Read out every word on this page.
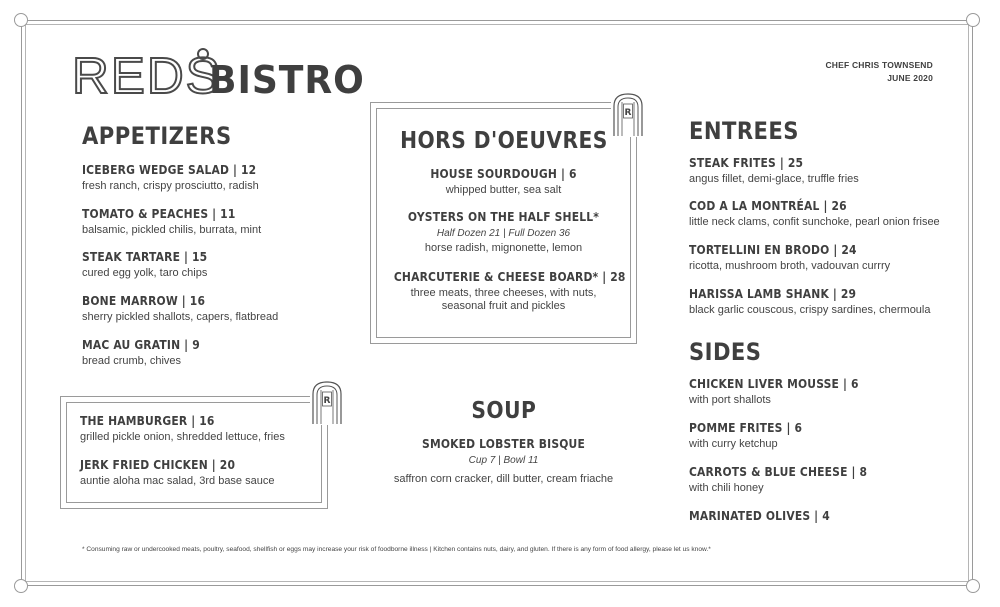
REDS
BISTRO	CHEF CHRIS TOWNSEND
JUNE 2020
APPETIZERS
ICEBERG WEDGE SALAD | 12
fresh ranch, crispy prosciutto, radish
TOMATO & PEACHES | 11
balsamic, pickled chilis, burrata, mint
STEAK TARTARE | 15
cured egg yolk, taro chips
BONE MARROW | 16
sherry pickled shallots, capers, flatbread
MAC AU GRATIN | 9
bread crumb, chives
R
THE HAMBURGER | 16
grilled pickle onion, shredded lettuce, fries
JERK FRIED CHICKEN | 20
auntie aloha mac salad, 3rd base sauce
R
HORS D'OEUVRES
HOUSE SOURDOUGH | 6
whipped butter, sea salt
OYSTERS ON THE HALF SHELL*
Half Dozen 21 | Full Dozen 36
horse radish, mignonette, lemon
CHARCUTERIE & CHEESE BOARD* | 28
three meats, three cheeses, with nuts,
seasonal fruit and pickles
SOUP
SMOKED LOBSTER BISQUE
Cup 7 | Bowl 11
saffron corn cracker, dill butter, cream friache
ENTREES
STEAK FRITES | 25
angus fillet, demi-glace, truffle fries
COD A LA MONTRÉAL | 26
little neck clams, confit sunchoke, pearl onion frisee
TORTELLINI EN BRODO | 24
ricotta, mushroom broth, vadouvan currry
HARISSA LAMB SHANK | 29
black garlic couscous, crispy sardines, chermoula
SIDES
CHICKEN LIVER MOUSSE | 6
with port shallots
POMME FRITES | 6
with curry ketchup
CARROTS & BLUE CHEESE | 8
with chili honey
MARINATED OLIVES | 4
* Consuming raw or undercooked meats, poultry, seafood, shellfish or eggs may increase your risk of foodborne illness | Kitchen contains nuts, dairy, and gluten. If there is any form of food allergy, please let us know.*
